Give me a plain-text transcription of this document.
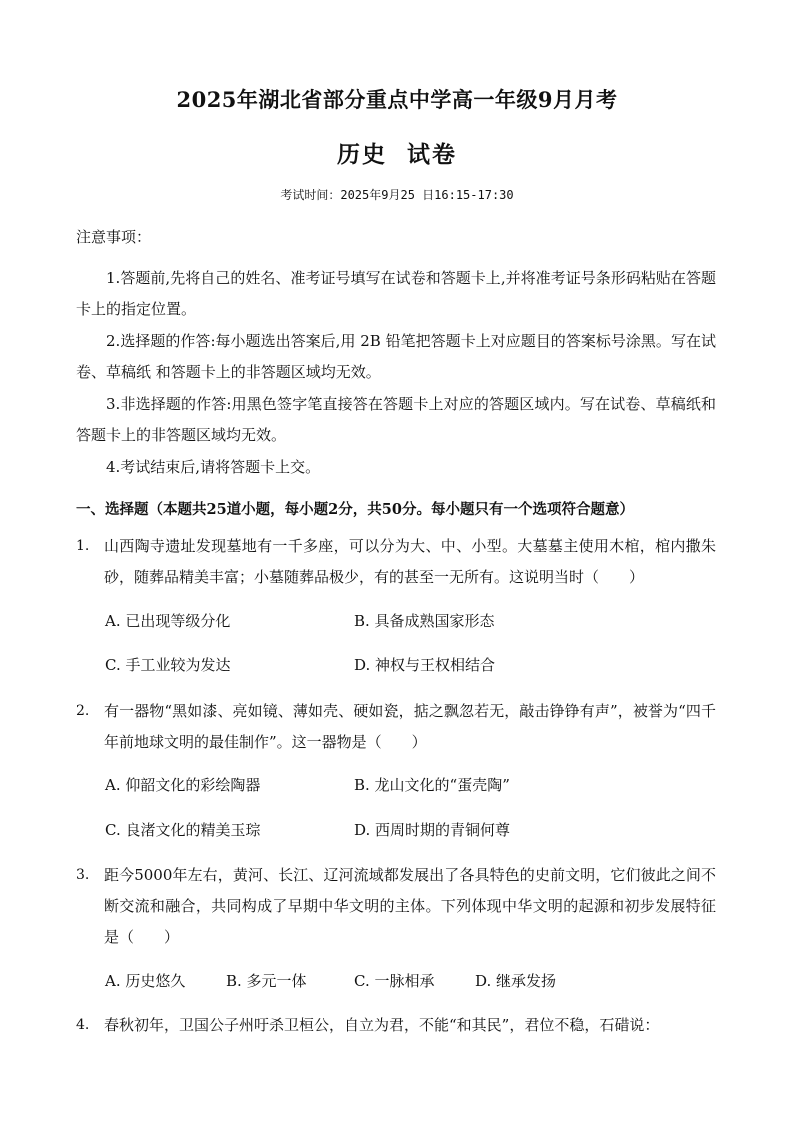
2025年湖北省部分重点中学高一年级9月月考
历史  试卷
考试时间：2025年9月25 日16:15-17:30
注意事项：

1.答题前,先将自己的姓名、准考证号填写在试卷和答题卡上,并将准考证号条形码粘贴在答题卡上的指定位置。

2.选择题的作答:每小题选出答案后,用 2B 铅笔把答题卡上对应题目的答案标号涂黑。写在试卷、草稿纸 和答题卡上的非答题区域均无效。

3.非选择题的作答:用黑色签字笔直接答在答题卡上对应的答题区域内。写在试卷、草稿纸和答题卡上的非答题区域均无效。

4.考试结束后,请将答题卡上交。

一、选择题（本题共25道小题，每小题2分，共50分。每小题只有一个选项符合题意）
1. 山西陶寺遗址发现墓地有一千多座，可以分为大、中、小型。大墓墓主使用木棺，棺内撒朱砂，随葬品精美丰富；小墓随葬品极少，有的甚至一无所有。这说明当时（　　）
A. 已出现等级分化	B. 具备成熟国家形态
C. 手工业较为发达	D. 神权与王权相结合
2. 有一器物“黑如漆、亮如镜、薄如壳、硬如瓷，掂之飘忽若无，敲击铮铮有声”，被誉为“四千年前地球文明的最佳制作”。这一器物是（　　）
A. 仰韶文化的彩绘陶器	B. 龙山文化的“蛋壳陶”
C. 良渚文化的精美玉琮	D. 西周时期的青铜何尊
3. 距今5000年左右，黄河、长江、辽河流域都发展出了各具特色的史前文明，它们彼此之间不断交流和融合，共同构成了早期中华文明的主体。下列体现中华文明的起源和初步发展特征是（　　）
A. 历史悠久	B. 多元一体	C. 一脉相承	D. 继承发扬
4. 春秋初年，卫国公子州吁杀卫桓公，自立为君，不能“和其民”，君位不稳，石碏说：
